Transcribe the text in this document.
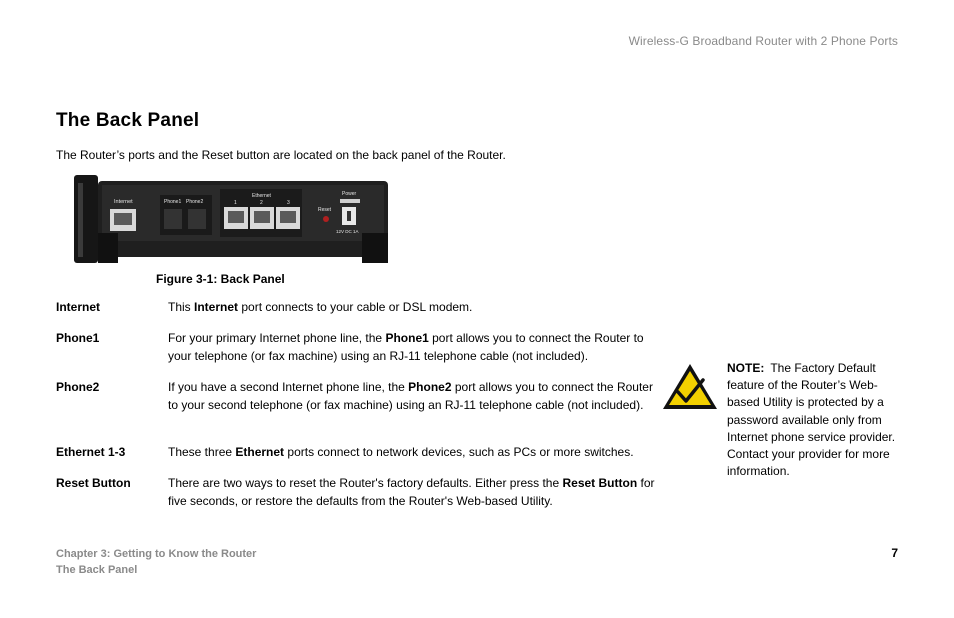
Wireless-G Broadband Router with 2 Phone Ports
The Back Panel
The Router’s ports and the Reset button are located on the back panel of the Router.
Internet	Phone1 Phone2
Ethernet
1	2	3
Reset
Power
12V DC 1A
Figure 3-1: Back Panel
Internet	This Internet port connects to your cable or DSL modem.
Phone1	For your primary Internet phone line, the Phone1 port allows you to connect the Router to your telephone (or fax machine) using an RJ-11 telephone cable (not included).
Phone2	If you have a second Internet phone line, the Phone2 port allows you to connect the Router to your second telephone (or fax machine) using an RJ-11 telephone cable (not included).
Ethernet 1-3	These three Ethernet ports connect to network devices, such as PCs or more switches.
Reset Button	There are two ways to reset the Router's factory defaults. Either press the Reset Button for five seconds, or restore the defaults from the Router's Web-based Utility.
NOTE: The Factory Default feature of the Router’s Web-based Utility is protected by a password available only from Internet phone service provider. Contact your provider for more information.
Chapter 3: Getting to Know the Router
The Back Panel
7
